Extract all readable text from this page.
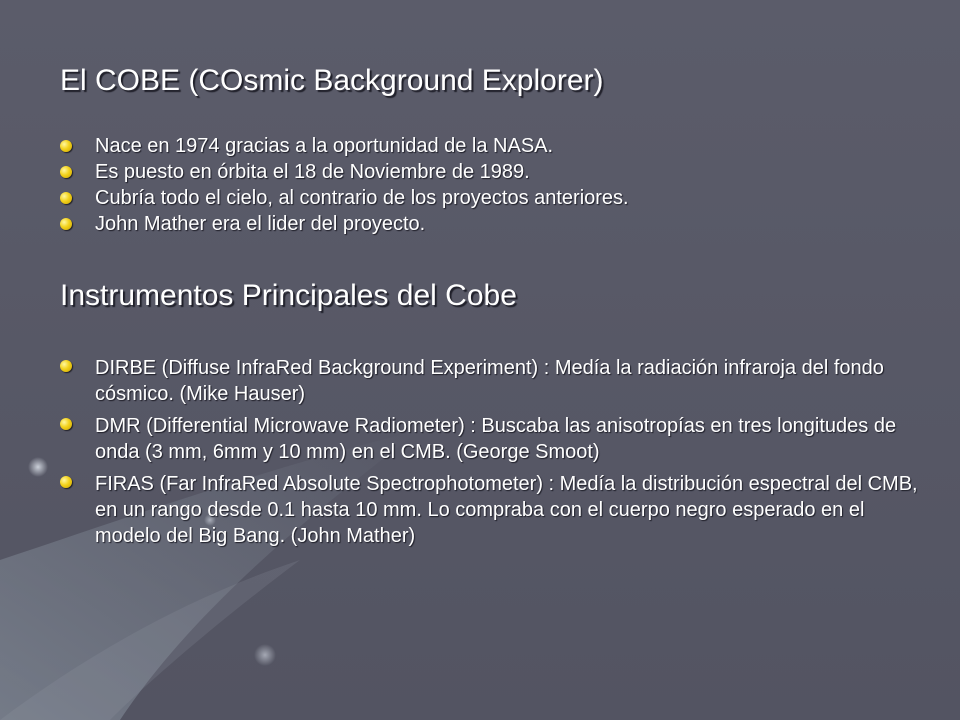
El COBE (COsmic Background Explorer)
Nace en 1974 gracias a la oportunidad de la NASA.
Es puesto en órbita el 18 de Noviembre de 1989.
Cubría todo el cielo, al contrario de los proyectos anteriores.
John Mather era el lider del proyecto.
Instrumentos Principales del Cobe
DIRBE (Diffuse InfraRed Background Experiment) : Medía la radiación infraroja del fondo cósmico. (Mike Hauser)
DMR (Differential Microwave Radiometer) : Buscaba las anisotropías en tres longitudes de onda (3 mm, 6mm y 10 mm) en el CMB. (George Smoot)
FIRAS (Far InfraRed Absolute Spectrophotometer) : Medía la distribución espectral del CMB, en un rango desde 0.1 hasta 10 mm. Lo compraba con el cuerpo negro esperado en el modelo del Big Bang. (John Mather)
